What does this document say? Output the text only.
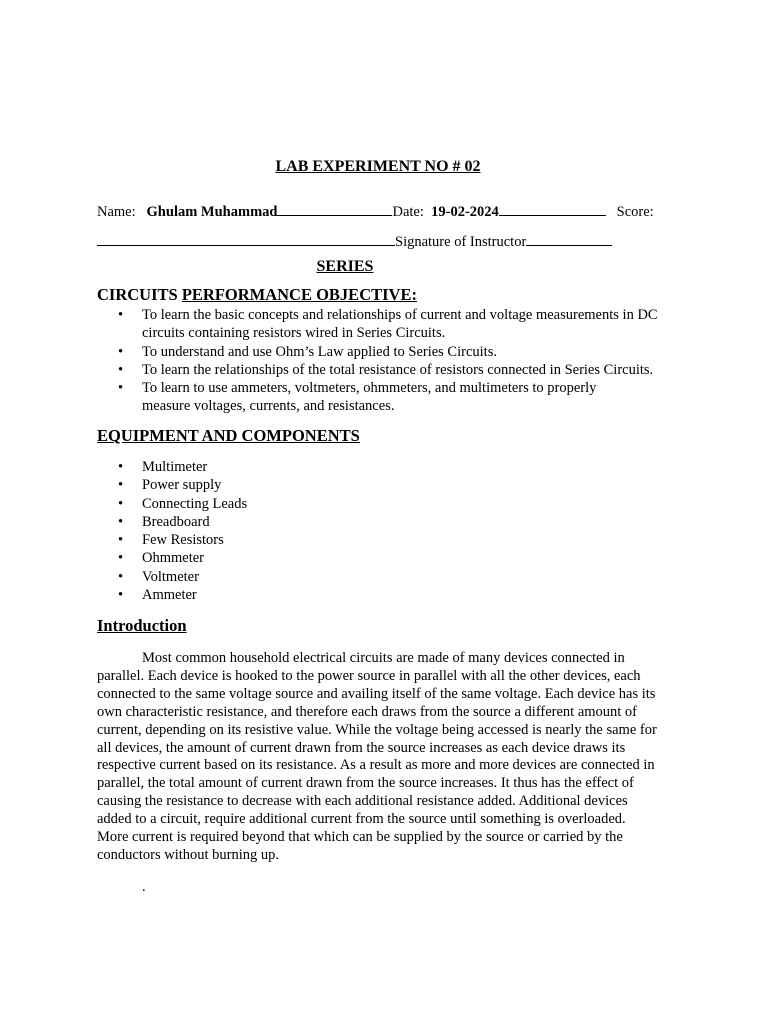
LAB EXPERIMENT NO # 02
Name: Ghulam Muhammad	Date: 19-02-2024	Score:
Signature of Instructor
SERIES
CIRCUITS PERFORMANCE OBJECTIVE:
• To learn the basic concepts and relationships of current and voltage measurements in DC circuits containing resistors wired in Series Circuits.
• To understand and use Ohm’s Law applied to Series Circuits.
• To learn the relationships of the total resistance of resistors connected in Series Circuits.
• To learn to use ammeters, voltmeters, ohmmeters, and multimeters to properly measure voltages, currents, and resistances.
EQUIPMENT AND COMPONENTS
• Multimeter
• Power supply
• Connecting Leads
• Breadboard
• Few Resistors
• Ohmmeter
• Voltmeter
• Ammeter
Introduction

Most common household electrical circuits are made of many devices connected in parallel. Each device is hooked to the power source in parallel with all the other devices, each connected to the same voltage source and availing itself of the same voltage. Each device has its own characteristic resistance, and therefore each draws from the source a different amount of current, depending on its resistive value. While the voltage being accessed is nearly the same for all devices, the amount of current drawn from the source increases as each device draws its respective current based on its resistance. As a result as more and more devices are connected in parallel, the total amount of current drawn from the source increases. It thus has the effect of causing the resistance to decrease with each additional resistance added. Additional devices added to a circuit, require additional current from the source until something is overloaded. More current is required beyond that which can be supplied by the source or carried by the conductors without burning up.

.
